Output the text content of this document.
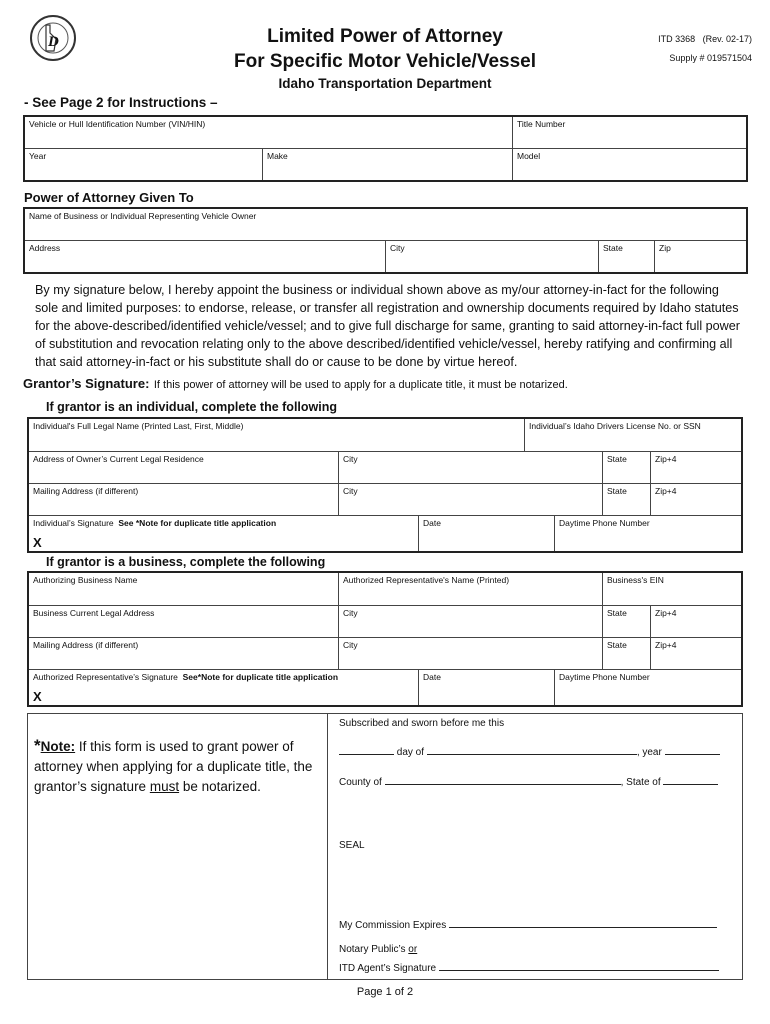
D	Limited Power of Attorney
For Specific Motor Vehicle/Vessel
Idaho Transportation Department
ITD 3368   (Rev. 02-17)
Supply # 019571504
- See Page 2 for Instructions –
Vehicle or Hull Identification Number (VIN/HIN)	Title Number
Year	Make	Model
Power of Attorney Given To
Name of Business or Individual Representing Vehicle Owner
Address	City	State	Zip
By my signature below, I hereby appoint the business or individual shown above as my/our attorney-in-fact for the following sole and limited purposes: to endorse, release, or transfer all registration and ownership documents required by Idaho statutes for the above-described/identified vehicle/vessel; and to give full discharge for same, granting to said attorney-in-fact full power of substitution and revocation relating only to the above described/identified vehicle/vessel, hereby ratifying and confirming all that said attorney-in-fact or his substitute shall do or cause to be done by virtue hereof.
Grantor’s Signature: If this power of attorney will be used to apply for a duplicate title, it must be notarized.
If grantor is an individual, complete the following
Individual's Full Legal Name (Printed Last, First, Middle)	Individual’s Idaho Drivers License No. or SSN
Address of Owner’s Current Legal Residence	City	State	Zip+4
Mailing Address (if different)	City	State	Zip+4
Individual’s Signature See *Note for duplicate title application
X
Date	Daytime Phone Number
If grantor is a business, complete the following
Authorizing Business Name	Authorized Representative's Name (Printed)	Business's EIN
Business Current Legal Address	City	State	Zip+4
Mailing Address (if different)	City	State	Zip+4
Authorized Representative’s Signature See*Note for duplicate title application
X
Date	Daytime Phone Number
*Note: If this form is used to grant power of attorney when applying for a duplicate title, the grantor’s signature must be notarized.
Subscribed and sworn before me this
day of	, year
County of	, State of
SEAL
My Commission Expires
Notary Public’s or
ITD Agent’s Signature
Page 1 of 2
